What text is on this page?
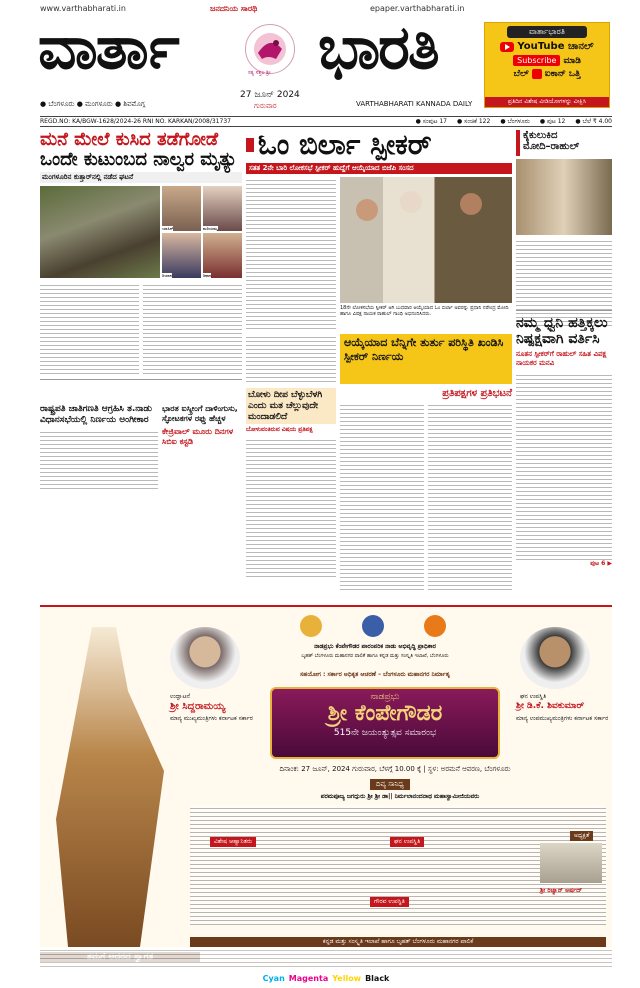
www.varthabharati.in	ಜನದನಿಯ ಸಾರಥಿ	epaper.varthabharati.in
ವಾರ್ತಾ	ಸತ್ಯ ಸತ್ತಲ ಶ್ರೀ ಭಾರತಿ
27 ಜೂನ್ 2024
ಗುರುವಾರ
● ಬೆಂಗಳೂರು ● ಮಂಗಳೂರು ● ಶಿವಮೊಗ್ಗ	VARTHABHARATI KANNADA DAILY
ವಾರ್ತಾಭಾರತಿ
YouTube ಚಾನಲ್
Subscribe ಮಾಡಿ
ಬೆಲ್ ಐಕಾನ್ ಒತ್ತಿ
ಪ್ರತಿದಿನ ವಿಶೇಷ ವೀಡಿಯೋಗಳನ್ನು ವೀಕ್ಷಿಸಿ
REGD.NO: KA/BGW-1628/2024-26 RNI NO. KARKAN/2008/31737	● ಸಂಪುಟ 17 ● ಸಂಚಿಕೆ 122 ● ಬೆಂಗಳೂರು ● ಪುಟ 12 ● ಬೆಲೆ ₹ 4.00
ಮನೆ ಮೇಲೆ ಕುಸಿದ ತಡೆಗೋಡೆ
ಒಂದೇ ಕುಟುಂಬದ ನಾಲ್ವರ ಮೃತ್ಯು
ಮಂಗಳೂರಿನ ಕುತ್ತಾರ್‌ನಲ್ಲಿ ನಡೆದ ಘಟನೆ
ಯಾಸಿನ್	ಮರಿಯಮ್ಮ
ರಿಯಾನ	ರಿಫಾನ
ಓಂ ಬಿರ್ಲಾ ಸ್ಪೀಕರ್
ಸತತ 2ನೇ ಬಾರಿ ಲೋಕಸಭೆ ಸ್ಪೀಕರ್ ಹುದ್ದೆಗೆ ಆಯ್ಕೆಯಾದ ಬಿಜೆಪಿ ಸಂಸದ
18ನೇ ಲೋಕಸಭೆಯ ಸ್ಪೀಕರ್ ಆಗಿ ಬುಧವಾರ ಆಯ್ಕೆಯಾದ ಓಂ ಬಿರ್ಲಾ ಅವರನ್ನು ಪ್ರಧಾನಿ ನರೇಂದ್ರ ಮೋದಿ ಹಾಗೂ ವಿಪಕ್ಷ ನಾಯಕ ರಾಹುಲ್ ಗಾಂಧಿ ಅಭಿನಂದಿಸಿದರು.
ಕೈಕುಲುಕಿದ
ಮೋದಿ–ರಾಹುಲ್
ನಮ್ಮ ಧ್ವನಿ ಹತ್ತಿಕ್ಕಲು ನಿಷ್ಪಕ್ಷವಾಗಿ ವರ್ತಿಸಿ
ನೂತನ ಸ್ಪೀಕರ್‌ಗೆ ರಾಹುಲ್ ಸಹಿತ ವಿಪಕ್ಷ ನಾಯಕರ ಮನವಿ
ಪುಟ 6 ▶
ಆಯ್ಕೆಯಾದ ಬೆನ್ನಿಗೇ ತುರ್ತು ಪರಿಸ್ಥಿತಿ ಖಂಡಿಸಿ ಸ್ಪೀಕರ್ ನಿರ್ಣಯ
ಬೋಳು ದೀಪ ಬೆಳ್ಳುಬೆಳಗಿ ಎಂದು ಮತ ಚೆಲ್ಲುವುದೇ ಮಂದಾಡಲಿದೆ
ಬೋಳುವಂತಿರುವ ವಿಷಯ ಪ್ರತಿಪಕ್ಷ
ಪ್ರತಿಪಕ್ಷಗಳ ಪ್ರತಿಭಟನೆ
ರಾಷ್ಟ್ರಪತಿ ಜಾತಿಗಣತಿ ಆಗ್ರಹಿಸಿ ತ.ನಾಡು ವಿಧಾನಸಭೆಯಲ್ಲಿ ನಿರ್ಣಯ ಅಂಗೀಕಾರ
ಭಾರತ ಐಸ್ಕ್ರೀಂಗೆ ದಾಳಿಂಗುಸು, ಸ್ಫೋಟಕಗಳ ರಫ್ತು ಹೆಚ್ಚಳ
ಕೇಜ್ರಿವಾಲ್ ಮೂರು ದಿನಗಳ ಸಿಬಿಐ ಕಸ್ಟಡಿ
ಉದ್ಘಾಟನೆ
ಶ್ರೀ ಸಿದ್ದರಾಮಯ್ಯ
ಮಾನ್ಯ ಮುಖ್ಯಮಂತ್ರಿಗಳು ಕರ್ನಾಟಕ ಸರ್ಕಾರ
ನಾಡಪ್ರಭು ಕೆಂಪೇಗೌಡರ ಪಾರಂಪರಿಕ ನಾಡು ಅಭಿವೃದ್ಧಿ ಪ್ರಾಧಿಕಾರ
ಬೃಹತ್ ಬೆಂಗಳೂರು ಮಹಾನಗರ ಪಾಲಿಕೆ ಹಾಗೂ ಕನ್ನಡ ಮತ್ತು ಸಂಸ್ಕೃತಿ ಇಲಾಖೆ, ಬೆಂಗಳೂರು
ಸಹಯೋಗ : ಸರ್ಕಾರ ಅಧಿಕೃತ ಆಚರಣೆ – ಬೆಂಗಳೂರು ಮಹಾನಗರ ನಿರ್ಮಾತೃ
ಘನ ಉಪಸ್ಥಿತಿ
ಶ್ರೀ ಡಿ.ಕೆ. ಶಿವಕುಮಾರ್
ಮಾನ್ಯ ಉಪಮುಖ್ಯಮಂತ್ರಿಗಳು ಕರ್ನಾಟಕ ಸರ್ಕಾರ
ನಾಡಪ್ರಭು
ಶ್ರೀ ಕೆಂಪೇಗೌಡರ
515ನೇ ಜಯಂತ್ಯುತ್ಸವ ಸಮಾರಂಭ
ದಿನಾಂಕ: 27 ಜೂನ್, 2024 ಗುರುವಾರ, ಬೆಳಗ್ಗೆ 10.00 ಕ್ಕೆ | ಸ್ಥಳ: ಅರಮನೆ ಆವರಣ, ಬೆಂಗಳೂರು
ದಿವ್ಯ ಸಾನಿಧ್ಯ
ಪರಮಪೂಜ್ಯ ಜಗದ್ಗುರು ಶ್ರೀ ಶ್ರೀ ಡಾ|| ನಿರ್ಮಲಾನಂದನಾಥ ಮಹಾಸ್ವಾಮೀಜಿಯವರು
ವಿಶೇಷ ಆಹ್ವಾನಿತರು	ಘನ ಉಪಸ್ಥಿತಿ
ಗೌರವ ಉಪಸ್ಥಿತಿ
ಅಧ್ಯಕ್ಷತೆ
ಶ್ರೀ ರಿಜ್ವಾನ್ ಅರ್ಷದ್
ಕನ್ನಡ ಮತ್ತು ಸಂಸ್ಕೃತಿ ಇಲಾಖೆ ಹಾಗೂ ಬೃಹತ್ ಬೆಂಗಳೂರು ಮಹಾನಗರ ಪಾಲಿಕೆ
Cyan Magenta Yellow Black
